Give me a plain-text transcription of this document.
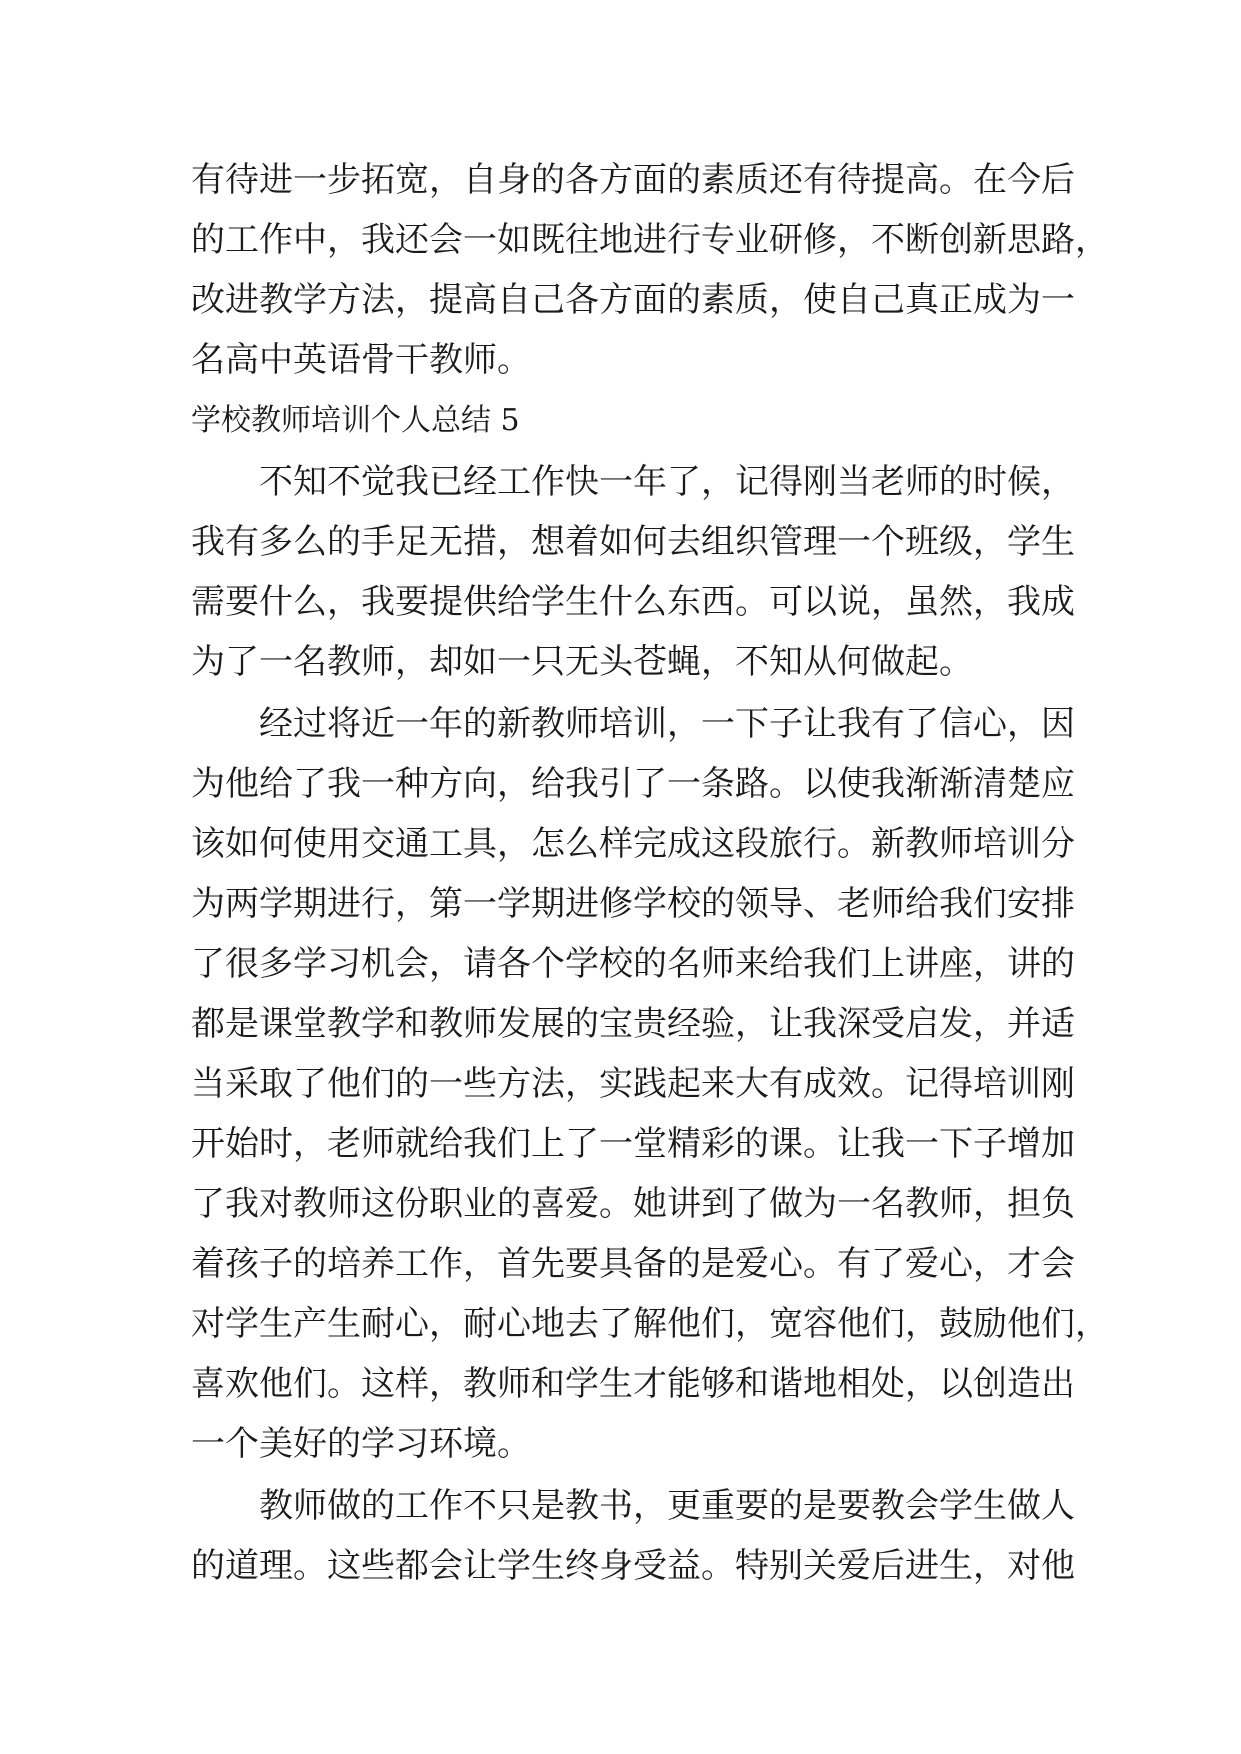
有待进一步拓宽，自身的各方面的素质还有待提高。在今后
的工作中，我还会一如既往地进行专业研修，不断创新思路，
改进教学方法，提高自己各方面的素质，使自己真正成为一
名高中英语骨干教师。
学校教师培训个人总结 5
不知不觉我已经工作快一年了，记得刚当老师的时候，
我有多么的手足无措，想着如何去组织管理一个班级，学生
需要什么，我要提供给学生什么东西。可以说，虽然，我成
为了一名教师，却如一只无头苍蝇，不知从何做起。
经过将近一年的新教师培训，一下子让我有了信心，因
为他给了我一种方向，给我引了一条路。以使我渐渐清楚应
该如何使用交通工具，怎么样完成这段旅行。新教师培训分
为两学期进行，第一学期进修学校的领导、老师给我们安排
了很多学习机会，请各个学校的名师来给我们上讲座，讲的
都是课堂教学和教师发展的宝贵经验，让我深受启发，并适
当采取了他们的一些方法，实践起来大有成效。记得培训刚
开始时，老师就给我们上了一堂精彩的课。让我一下子增加
了我对教师这份职业的喜爱。她讲到了做为一名教师，担负
着孩子的培养工作，首先要具备的是爱心。有了爱心，才会
对学生产生耐心，耐心地去了解他们，宽容他们，鼓励他们，
喜欢他们。这样，教师和学生才能够和谐地相处，以创造出
一个美好的学习环境。
教师做的工作不只是教书，更重要的是要教会学生做人
的道理。这些都会让学生终身受益。特别关爱后进生，对他
